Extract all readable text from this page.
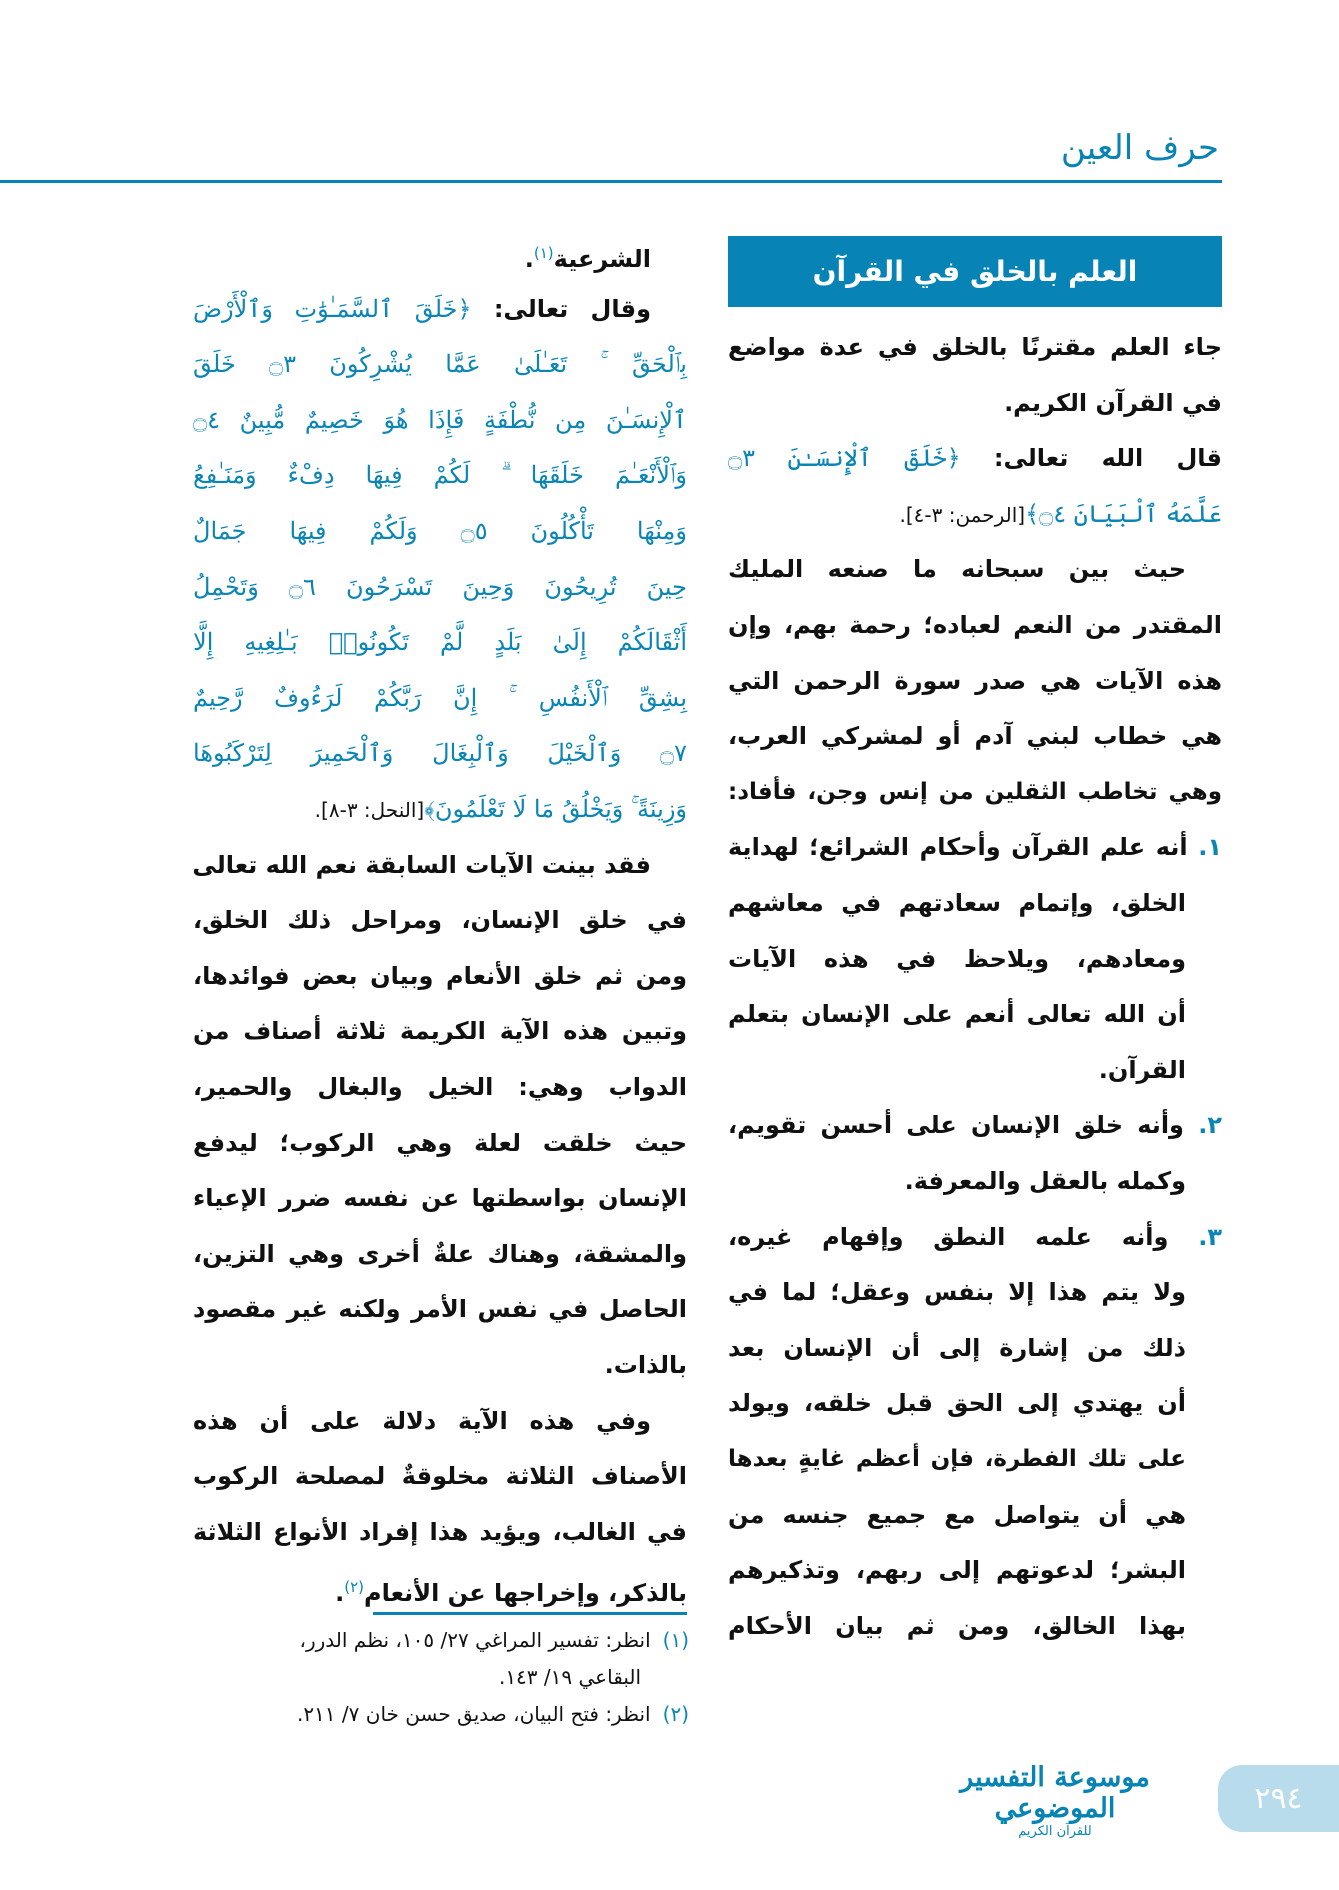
حرف العين
العلم بالخلق في القرآن
جاء العلم مقترنًا بالخلق في عدة مواضع
في القرآن الكريم.
قال الله تعالى: ﴿خَلَقَ ٱلْإِنسَـٰنَ ۝٣
عَلَّمَهُ ٱلْبَيَانَ ۝٤﴾[الرحمن: ٣-٤].
حيث بين سبحانه ما صنعه المليك
المقتدر من النعم لعباده؛ رحمة بهم، وإن
هذه الآيات هي صدر سورة الرحمن التي
هي خطاب لبني آدم أو لمشركي العرب،
وهي تخاطب الثقلين من إنس وجن، فأفاد:
١. أنه علم القرآن وأحكام الشرائع؛ لهداية
الخلق، وإتمام سعادتهم في معاشهم
ومعادهم، ويلاحظ في هذه الآيات
أن الله تعالى أنعم على الإنسان بتعلم
القرآن.
٢. وأنه خلق الإنسان على أحسن تقويم،
وكمله بالعقل والمعرفة.
٣. وأنه علمه النطق وإفهام غيره،
ولا يتم هذا إلا بنفس وعقل؛ لما في
ذلك من إشارة إلى أن الإنسان بعد
أن يهتدي إلى الحق قبل خلقه، ويولد
على تلك الفطرة، فإن أعظم غايةٍ بعدها
هي أن يتواصل مع جميع جنسه من
البشر؛ لدعوتهم إلى ربهم، وتذكيرهم
بهذا الخالق، ومن ثم بيان الأحكام
الشرعية$^{(١)}$.
وقال تعالى: ﴿خَلَقَ ٱلسَّمَـٰوَٰتِ وَٱلْأَرْضَ
بِٱلْحَقِّ ۚ تَعَـٰلَىٰ عَمَّا يُشْرِكُونَ ۝٣ خَلَقَ
ٱلْإِنسَـٰنَ مِن نُّطْفَةٍ فَإِذَا هُوَ خَصِيمٌ مُّبِينٌ ۝٤
وَٱلْأَنْعَـٰمَ خَلَقَهَا ۗ لَكُمْ فِيهَا دِفْءٌ وَمَنَـٰفِعُ
وَمِنْهَا تَأْكُلُونَ ۝٥ وَلَكُمْ فِيهَا جَمَالٌ
حِينَ تُرِيحُونَ وَحِينَ تَسْرَحُونَ ۝٦ وَتَحْمِلُ
أَثْقَالَكُمْ إِلَىٰ بَلَدٍ لَّمْ تَكُونُوا۟ بَـٰلِغِيهِ إِلَّا
بِشِقِّ ٱلْأَنفُسِ ۚ إِنَّ رَبَّكُمْ لَرَءُوفٌ رَّحِيمٌ
۝٧ وَٱلْخَيْلَ وَٱلْبِغَالَ وَٱلْحَمِيرَ لِتَرْكَبُوهَا
وَزِينَةً ۚ وَيَخْلُقُ مَا لَا تَعْلَمُونَ﴾[النحل: ٣-٨].
فقد بينت الآيات السابقة نعم الله تعالى
في خلق الإنسان، ومراحل ذلك الخلق،
ومن ثم خلق الأنعام وبيان بعض فوائدها،
وتبين هذه الآية الكريمة ثلاثة أصناف من
الدواب وهي: الخيل والبغال والحمير،
حيث خلقت لعلة وهي الركوب؛ ليدفع
الإنسان بواسطتها عن نفسه ضرر الإعياء
والمشقة، وهناك علةٌ أخرى وهي التزين،
الحاصل في نفس الأمر ولكنه غير مقصود
بالذات.
وفي هذه الآية دلالة على أن هذه
الأصناف الثلاثة مخلوقةٌ لمصلحة الركوب
في الغالب، ويؤيد هذا إفراد الأنواع الثلاثة
بالذكر، وإخراجها عن الأنعام$^{(٢)}$.
(١)انظر: تفسير المراغي ٢٧/ ١٠٥، نظم الدرر،
البقاعي ١٩/ ١٤٣.
(٢)انظر: فتح البيان، صديق حسن خان ٧/ ٢١١.
موسوعة التفسير الموضوعي
للقرآن الكريم
٢٩٤
